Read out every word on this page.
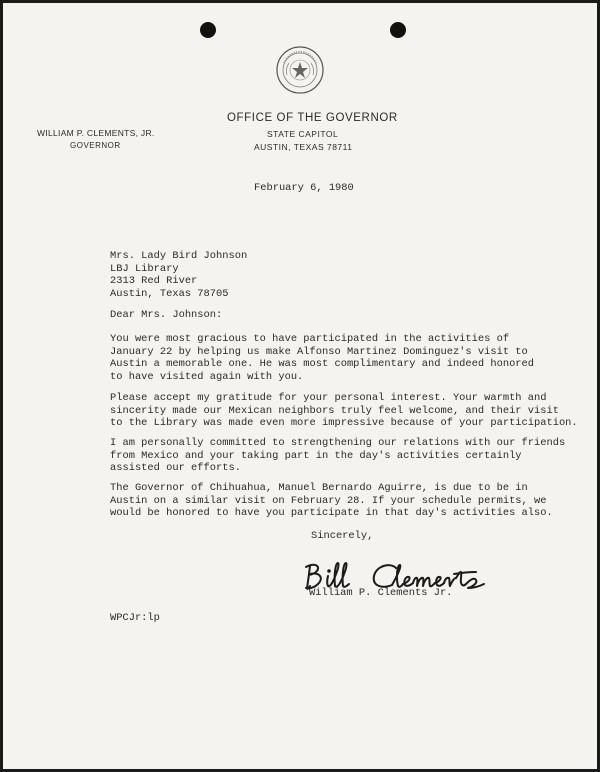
OFFICE OF THE GOVERNOR
STATE CAPITOL
AUSTIN, TEXAS 78711
WILLIAM P. CLEMENTS, JR.
GOVERNOR
February 6, 1980
Mrs. Lady Bird Johnson
LBJ Library
2313 Red River
Austin, Texas 78705
Dear Mrs. Johnson:
You were most gracious to have participated in the activities of
January 22 by helping us make Alfonso Martinez Dominguez's visit to
Austin a memorable one. He was most complimentary and indeed honored
to have visited again with you.
Please accept my gratitude for your personal interest. Your warmth and
sincerity made our Mexican neighbors truly feel welcome, and their visit
to the Library was made even more impressive because of your participation.
I am personally committed to strengthening our relations with our friends
from Mexico and your taking part in the day's activities certainly
assisted our efforts.
The Governor of Chihuahua, Manuel Bernardo Aguirre, is due to be in
Austin on a similar visit on February 28. If your schedule permits, we
would be honored to have you participate in that day's activities also.
Sincerely,
William P. Clements Jr.
WPCJr:lp
